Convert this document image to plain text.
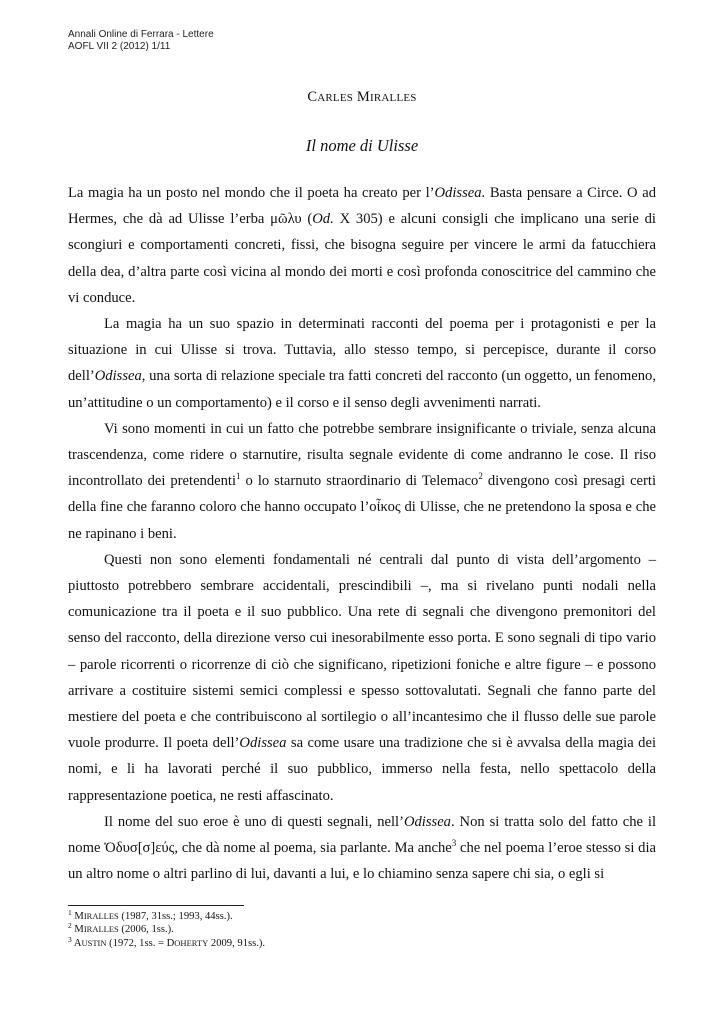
Annali Online di Ferrara - Lettere
AOFL VII 2 (2012) 1/11
CARLES MIRALLES
Il nome di Ulisse

La magia ha un posto nel mondo che il poeta ha creato per l’Odissea. Basta pensare a Circe. O ad Hermes, che dà ad Ulisse l’erba μῶλυ (Od. X 305) e alcuni consigli che implicano una serie di scongiuri e comportamenti concreti, fissi, che bisogna seguire per vincere le armi da fatucchiera della dea, d’altra parte così vicina al mondo dei morti e così profonda conoscitrice del cammino che vi conduce.

La magia ha un suo spazio in determinati racconti del poema per i protagonisti e per la situazione in cui Ulisse si trova. Tuttavia, allo stesso tempo, si percepisce, durante il corso dell’Odissea, una sorta di relazione speciale tra fatti concreti del racconto (un oggetto, un fenomeno, un’attitudine o un comportamento) e il corso e il senso degli avvenimenti narrati.

Vi sono momenti in cui un fatto che potrebbe sembrare insignificante o triviale, senza alcuna trascendenza, come ridere o starnutire, risulta segnale evidente di come andranno le cose. Il riso incontrollato dei pretendenti$^1$ o lo starnuto straordinario di Telemaco$^2$ divengono così presagi certi della fine che faranno coloro che hanno occupato l’οἶκος di Ulisse, che ne pretendono la sposa e che ne rapinano i beni.

Questi non sono elementi fondamentali né centrali dal punto di vista dell’argomento – piuttosto potrebbero sembrare accidentali, prescindibili –, ma si rivelano punti nodali nella comunicazione tra il poeta e il suo pubblico. Una rete di segnali che divengono premonitori del senso del racconto, della direzione verso cui inesorabilmente esso porta. E sono segnali di tipo vario – parole ricorrenti o ricorrenze di ciò che significano, ripetizioni foniche e altre figure – e possono arrivare a costituire sistemi semici complessi e spesso sottovalutati. Segnali che fanno parte del mestiere del poeta e che contribuiscono al sortilegio o all’incantesimo che il flusso delle sue parole vuole produrre. Il poeta dell’Odissea sa come usare una tradizione che si è avvalsa della magia dei nomi, e li ha lavorati perché il suo pubblico, immerso nella festa, nello spettacolo della rappresentazione poetica, ne resti affascinato.

Il nome del suo eroe è uno di questi segnali, nell’Odissea. Non si tratta solo del fatto che il nome Ὀδυσ[σ]εύς, che dà nome al poema, sia parlante. Ma anche$^3$ che nel poema l’eroe stesso si dia un altro nome o altri parlino di lui, davanti a lui, e lo chiamino senza sapere chi sia, o egli si

$^1$ MIRALLES (1987, 31ss.; 1993, 44ss.).
$^2$ MIRALLES (2006, 1ss.).
$^3$ AUSTIN (1972, 1ss. = DOHERTY 2009, 91ss.).
